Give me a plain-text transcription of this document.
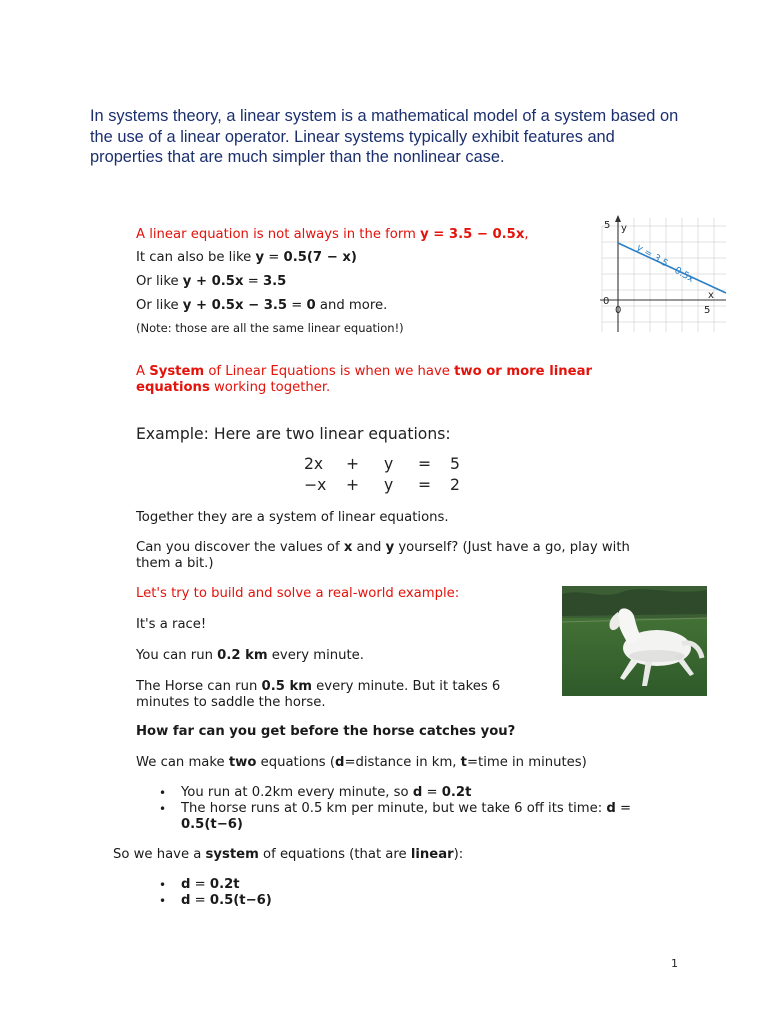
In systems theory, a linear system is a mathematical model of a system based on the use of a linear operator. Linear systems typically exhibit features and properties that are much simpler than the nonlinear case.
A linear equation is not always in the form y = 3.5 − 0.5x,
It can also be like y = 0.5(7 − x)
Or like y + 0.5x = 3.5
Or like y + 0.5x − 3.5 = 0 and more.
(Note: those are all the same linear equation!)
5 y
x
0
0	5
y = 3.5 - 0.5x
A System of Linear Equations is when we have two or more linear equations working together.
Example: Here are two linear equations:
2x + y = 5
−x + y = 2
Together they are a system of linear equations.
Can you discover the values of x and y yourself? (Just have a go, play with them a bit.)
Let's try to build and solve a real-world example:
It's a race!
You can run 0.2 km every minute.
The Horse can run 0.5 km every minute. But it takes 6 minutes to saddle the horse.
How far can you get before the horse catches you?
We can make two equations (d=distance in km, t=time in minutes)
• You run at 0.2km every minute, so d = 0.2t
• The horse runs at 0.5 km per minute, but we take 6 off its time: d = 0.5(t−6)
So we have a system of equations (that are linear):
• d = 0.2t
• d = 0.5(t−6)
1
